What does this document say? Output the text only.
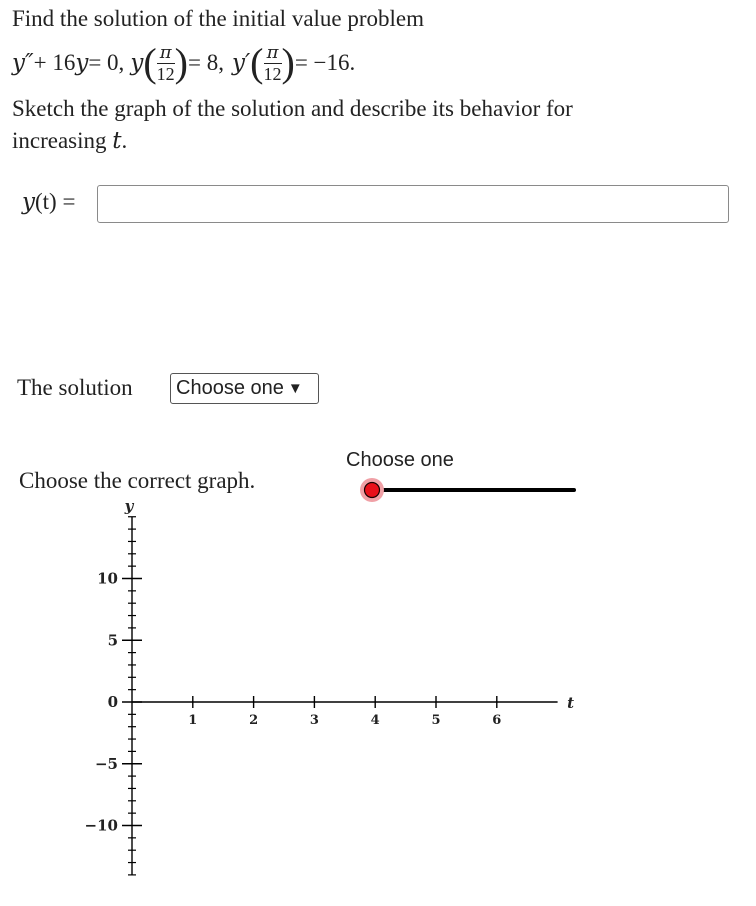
Find the solution of the initial value problem
y″ + 16 y = 0, y ( $\frac{\pi}{12}$ ) = 8, y′ ( $\frac{\pi}{12}$ ) = −16.
Sketch the graph of the solution and describe its behavior for
increasing t.
y(t) =
The solution Choose one ▼
Choose the correct graph.
Choose one
−10
−5
0
5
10
1	2	3	4	5	6
y
t
